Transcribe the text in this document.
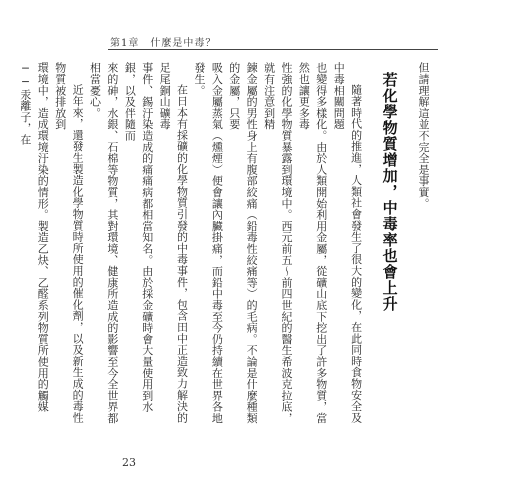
第1章　什麼是中毒？

但請理解這並不完全是事實。

若化學物質增加，中毒率也會上升

隨著時代的推進，人類社會發生了很大的變化，在此同時食物安全及中毒相關問題
也變得多樣化。由於人類開始利用金屬，從礦山底下挖出了許多物質，當然也讓更多毒
性強的化學物質暴露到環境中。西元前五〜前四世紀的醫生希波克拉底，就有注意到精
鍊金屬的男性身上有腹部絞痛（鉛毒性絞痛等）的毛病。不論是什麼種類的金屬，只要
吸入金屬蒸氣（燻煙）便會讓內臟掛痛，而鉛中毒至今仍持續在世界各地發生。

在日本有採礦的化學物質引發的中毒事件，包含田中正造致力解決的足尾銅山礦毒
事件、錫汙染造成的痛痛病都相當知名。由於採金礦時會大量使用到水銀，以及伴隨而
來的砷，水銀、石棉等物質，其對環境、健康所造成的影響至今全世界都相當憂心。

近年來，還發生製造化學物質時所使用的催化劑，以及新生成的毒性物質被排放到
環境中，造成環境汙染的情形。製造乙炔、乙醛系列物質所使用的觸媒──汞離子，在

23
